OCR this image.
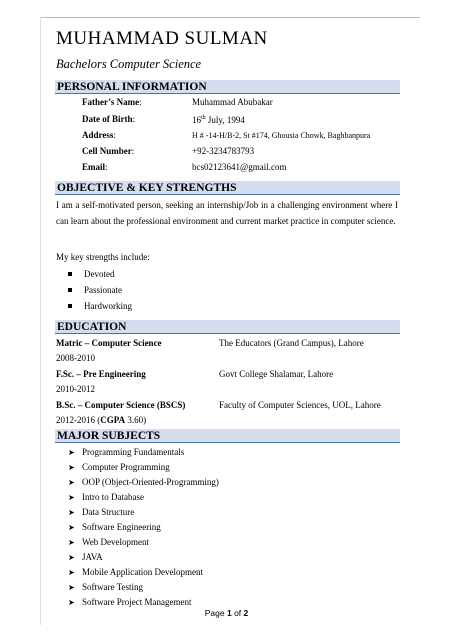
MUHAMMAD SULMAN
Bachelors Computer Science
PERSONAL INFORMATION
Father’s Name:	Muhammad Abubakar
Date of Birth:	16th July, 1994
Address:	H # -14-H/B-2, St #174, Ghousia Chowk, Baghbanpura
Cell Number:	+92-3234783793
Email:	bcs02123641@gmail.com
OBJECTIVE & KEY STRENGTHS
I am a self-motivated person, seeking an internship/Job in a challenging environment where I can learn about the professional environment and current market practice in computer science.
My key strengths include:
Devoted
Passionate
Hardworking
EDUCATION
Matric – Computer Science	The Educators (Grand Campus), Lahore
2008-2010
F.Sc. – Pre Engineering	Govt College Shalamar, Lahore
2010-2012
B.Sc. – Computer Science (BSCS)	Faculty of Computer Sciences, UOL, Lahore
2012-2016 (CGPA 3.60)
MAJOR SUBJECTS
➤ Programming Fundamentals
➤ Computer Programming
➤ OOP (Object-Oriented-Programming)
➤ Intro to Database
➤ Data Structure
➤ Software Engineering
➤ Web Development
➤ JAVA
➤ Mobile Application Development
➤ Software Testing
➤ Software Project Management
Page 1 of 2
